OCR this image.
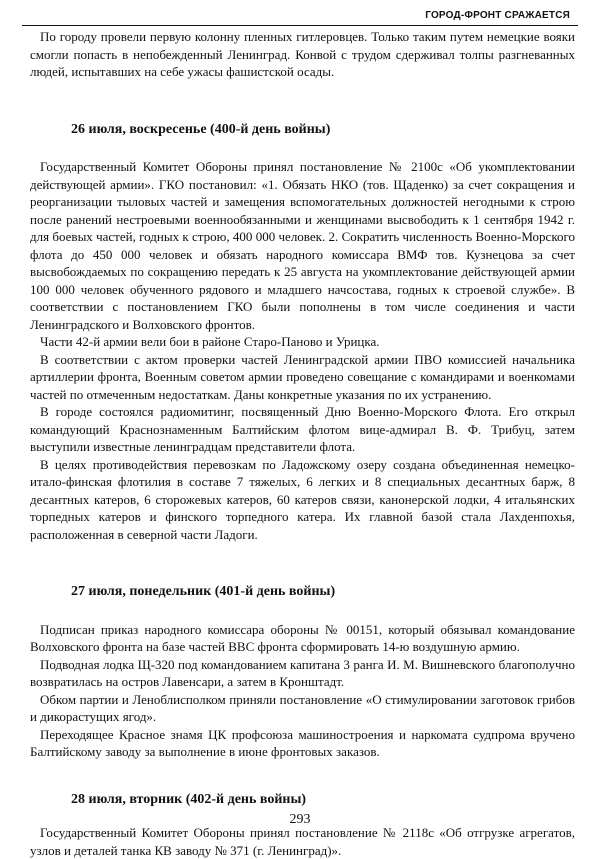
ГОРОД-ФРОНТ СРАЖАЕТСЯ

По городу провели первую колонну пленных гитлеровцев. Только таким путем немецкие вояки смогли попасть в непобежденный Ленинград. Конвой с трудом сдерживал толпы разгневанных людей, испытавших на себе ужасы фашистской осады.

26 июля, воскресенье (400-й день войны)

Государственный Комитет Обороны принял постановление № 2100с «Об укомплектовании действующей армии». ГКО постановил: «1. Обязать НКО (тов. Щаденко) за счет сокращения и реорганизации тыловых частей и замещения вспомогательных должностей негодными к строю после ранений нестроевыми военнообязанными и женщинами высвободить к 1 сентября 1942 г. для боевых частей, годных к строю, 400 000 человек. 2. Сократить численность Военно-Морского флота до 450 000 человек и обязать народного комиссара ВМФ тов. Кузнецова за счет высвобождаемых по сокращению передать к 25 августа на укомплектование действующей армии 100 000 человек обученного рядового и младшего начсостава, годных к строевой службе». В соответствии с постановлением ГКО были пополнены в том числе соединения и части Ленинградского и Волховского фронтов.

Части 42-й армии вели бои в районе Старо-Паново и Урицка.

В соответствии с актом проверки частей Ленинградской армии ПВО комиссией начальника артиллерии фронта, Военным советом армии проведено совещание с командирами и военкомами частей по отмеченным недостаткам. Даны конкретные указания по их устранению.

В городе состоялся радиомитинг, посвященный Дню Военно-Морского Флота. Его открыл командующий Краснознаменным Балтийским флотом вице-адмирал В. Ф. Трибуц, затем выступили известные ленинградцам представители флота.

В целях противодействия перевозкам по Ладожскому озеру создана объединенная немецко-итало-финская флотилия в составе 7 тяжелых, 6 легких и 8 специальных десантных барж, 8 десантных катеров, 6 сторожевых катеров, 60 катеров связи, канонерской лодки, 4 итальянских торпедных катеров и финского торпедного катера. Их главной базой стала Лахденпохья, расположенная в северной части Ладоги.

27 июля, понедельник (401-й день войны)

Подписан приказ народного комиссара обороны № 00151, который обязывал командование Волховского фронта на базе частей ВВС фронта сформировать 14-ю воздушную армию.

Подводная лодка Щ-320 под командованием капитана 3 ранга И. М. Вишневского благополучно возвратилась на остров Лавенсари, а затем в Кронштадт.

Обком партии и Леноблисполком приняли постановление «О стимулировании заготовок грибов и дикорастущих ягод».

Переходящее Красное знамя ЦК профсоюза машиностроения и наркомата судпрома вручено Балтийскому заводу за выполнение в июне фронтовых заказов.

28 июля, вторник (402-й день войны)

Государственный Комитет Обороны принял постановление № 2118с «Об отгрузке агрегатов, узлов и деталей танка КВ заводу № 371 (г. Ленинград)».

293
